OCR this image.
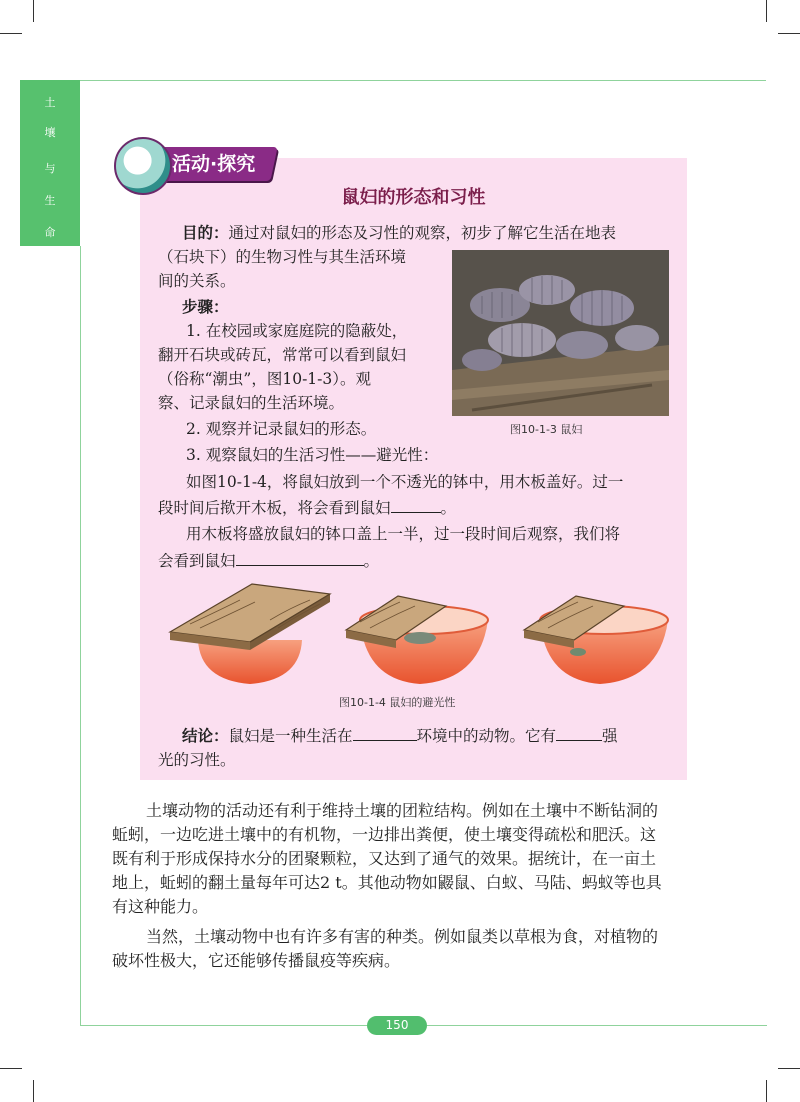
土
壤
与
生
命
活动·探究
鼠妇的形态和习性
目的：通过对鼠妇的形态及习性的观察，初步了解它生活在地表
（石块下）的生物习性与其生活环境
间的关系。
步骤：
1. 在校园或家庭庭院的隐蔽处，
翻开石块或砖瓦，常常可以看到鼠妇
（俗称“潮虫”，图10-1-3）。观
察、记录鼠妇的生活环境。
2. 观察并记录鼠妇的形态。
3. 观察鼠妇的生活习性——避光性：
如图10-1-4，将鼠妇放到一个不透光的钵中，用木板盖好。过一
段时间后揿开木板，将会看到鼠妇	。
用木板将盛放鼠妇的钵口盖上一半，过一段时间后观察，我们将
会看到鼠妇	。
图10-1-3 鼠妇
图10-1-4 鼠妇的避光性
结论：鼠妇是一种生活在	环境中的动物。它有	强
光的习性。
土壤动物的活动还有利于维持土壤的团粒结构。例如在土壤中不断钻洞的
蚯蚓，一边吃进土壤中的有机物，一边排出粪便，使土壤变得疏松和肥沃。这
既有利于形成保持水分的团聚颗粒，又达到了通气的效果。据统计，在一亩土
地上，蚯蚓的翻土量每年可达2 t。其他动物如鼹鼠、白蚁、马陆、蚂蚁等也具
有这种能力。
当然，土壤动物中也有许多有害的种类。例如鼠类以草根为食，对植物的
破坏性极大，它还能够传播鼠疫等疾病。
150
